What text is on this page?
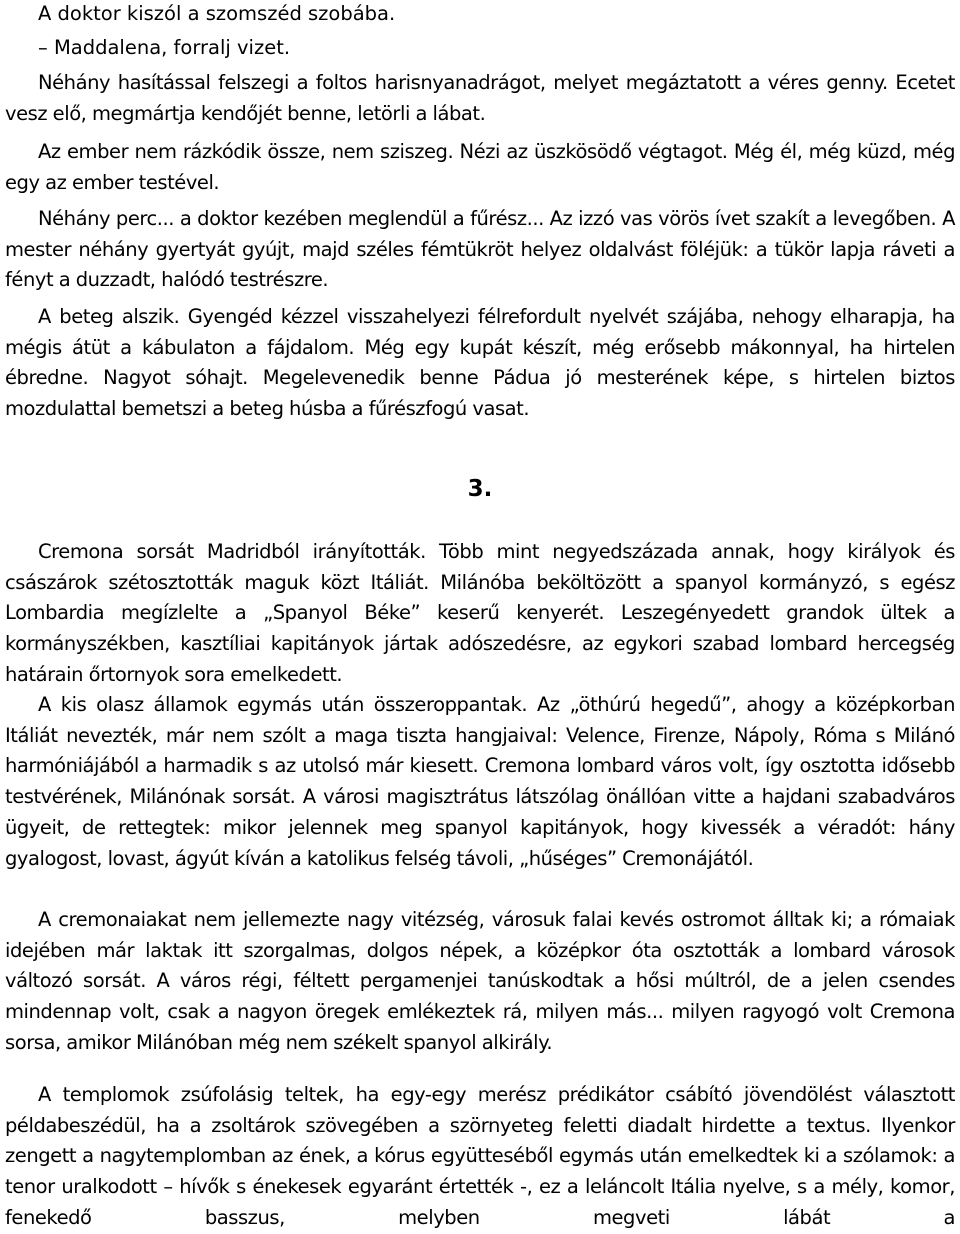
A doktor kiszól a szomszéd szobába.

– Maddalena, forralj vizet.

Néhány hasítással felszegi a foltos harisnyanadrágot, melyet megáztatott a véres genny. Ecetet vesz elő, megmártja kendőjét benne, letörli a lábat.

Az ember nem rázkódik össze, nem sziszeg. Nézi az üszkösödő végtagot. Még él, még küzd, még egy az ember testével.

Néhány perc... a doktor kezében meglendül a fűrész... Az izzó vas vörös ívet szakít a levegőben. A mester néhány gyertyát gyújt, majd széles fémtükröt helyez oldalvást föléjük: a tükör lapja ráveti a fényt a duzzadt, halódó testrészre.

A beteg alszik. Gyengéd kézzel visszahelyezi félrefordult nyelvét szájába, nehogy elharapja, ha mégis átüt a kábulaton a fájdalom. Még egy kupát készít, még erősebb mákonnyal, ha hirtelen ébredne. Nagyot sóhajt. Megelevenedik benne Pádua jó mesterének képe, s hirtelen biztos mozdulattal bemetszi a beteg húsba a fűrészfogú vasat.

3.

Cremona sorsát Madridból irányították. Több mint negyedszázada annak, hogy királyok és császárok szétosztották maguk közt Itáliát. Milánóba beköltözött a spanyol kormányzó, s egész Lombardia megízlelte a „Spanyol Béke” keserű kenyerét. Leszegényedett grandok ültek a kormányszékben, kasztíliai kapitányok jártak adószedésre, az egykori szabad lombard hercegség határain őrtornyok sora emelkedett.

A kis olasz államok egymás után összeroppantak. Az „öthúrú hegedű”, ahogy a középkorban Itáliát nevezték, már nem szólt a maga tiszta hangjaival: Velence, Firenze, Nápoly, Róma s Milánó harmóniájából a harmadik s az utolsó már kiesett. Cremona lombard város volt, így osztotta idősebb testvérének, Milánónak sorsát. A városi magisztrátus látszólag önállóan vitte a hajdani szabadváros ügyeit, de rettegtek: mikor jelennek meg spanyol kapitányok, hogy kivessék a véradót: hány gyalogost, lovast, ágyút kíván a katolikus felség távoli, „hűséges” Cremonájától.

A cremonaiakat nem jellemezte nagy vitézség, városuk falai kevés ostromot álltak ki; a rómaiak idejében már laktak itt szorgalmas, dolgos népek, a középkor óta osztották a lombard városok változó sorsát. A város régi, féltett pergamenjei tanúskodtak a hősi múltról, de a jelen csendes mindennap volt, csak a nagyon öregek emlékeztek rá, milyen más... milyen ragyogó volt Cremona sorsa, amikor Milánóban még nem székelt spanyol alkirály.

A templomok zsúfolásig teltek, ha egy-egy merész prédikátor csábító jövendölést választott példabeszédül, ha a zsoltárok szövegében a szörnyeteg feletti diadalt hirdette a textus. Ilyenkor zengett a nagytemplomban az ének, a kórus együtteséből egymás után emelkedtek ki a szólamok: a tenor uralkodott – hívők s énekesek egyaránt értették -, ez a leláncolt Itália nyelve, s a mély, komor, fenekedő basszus, melyben megveti lábát a
